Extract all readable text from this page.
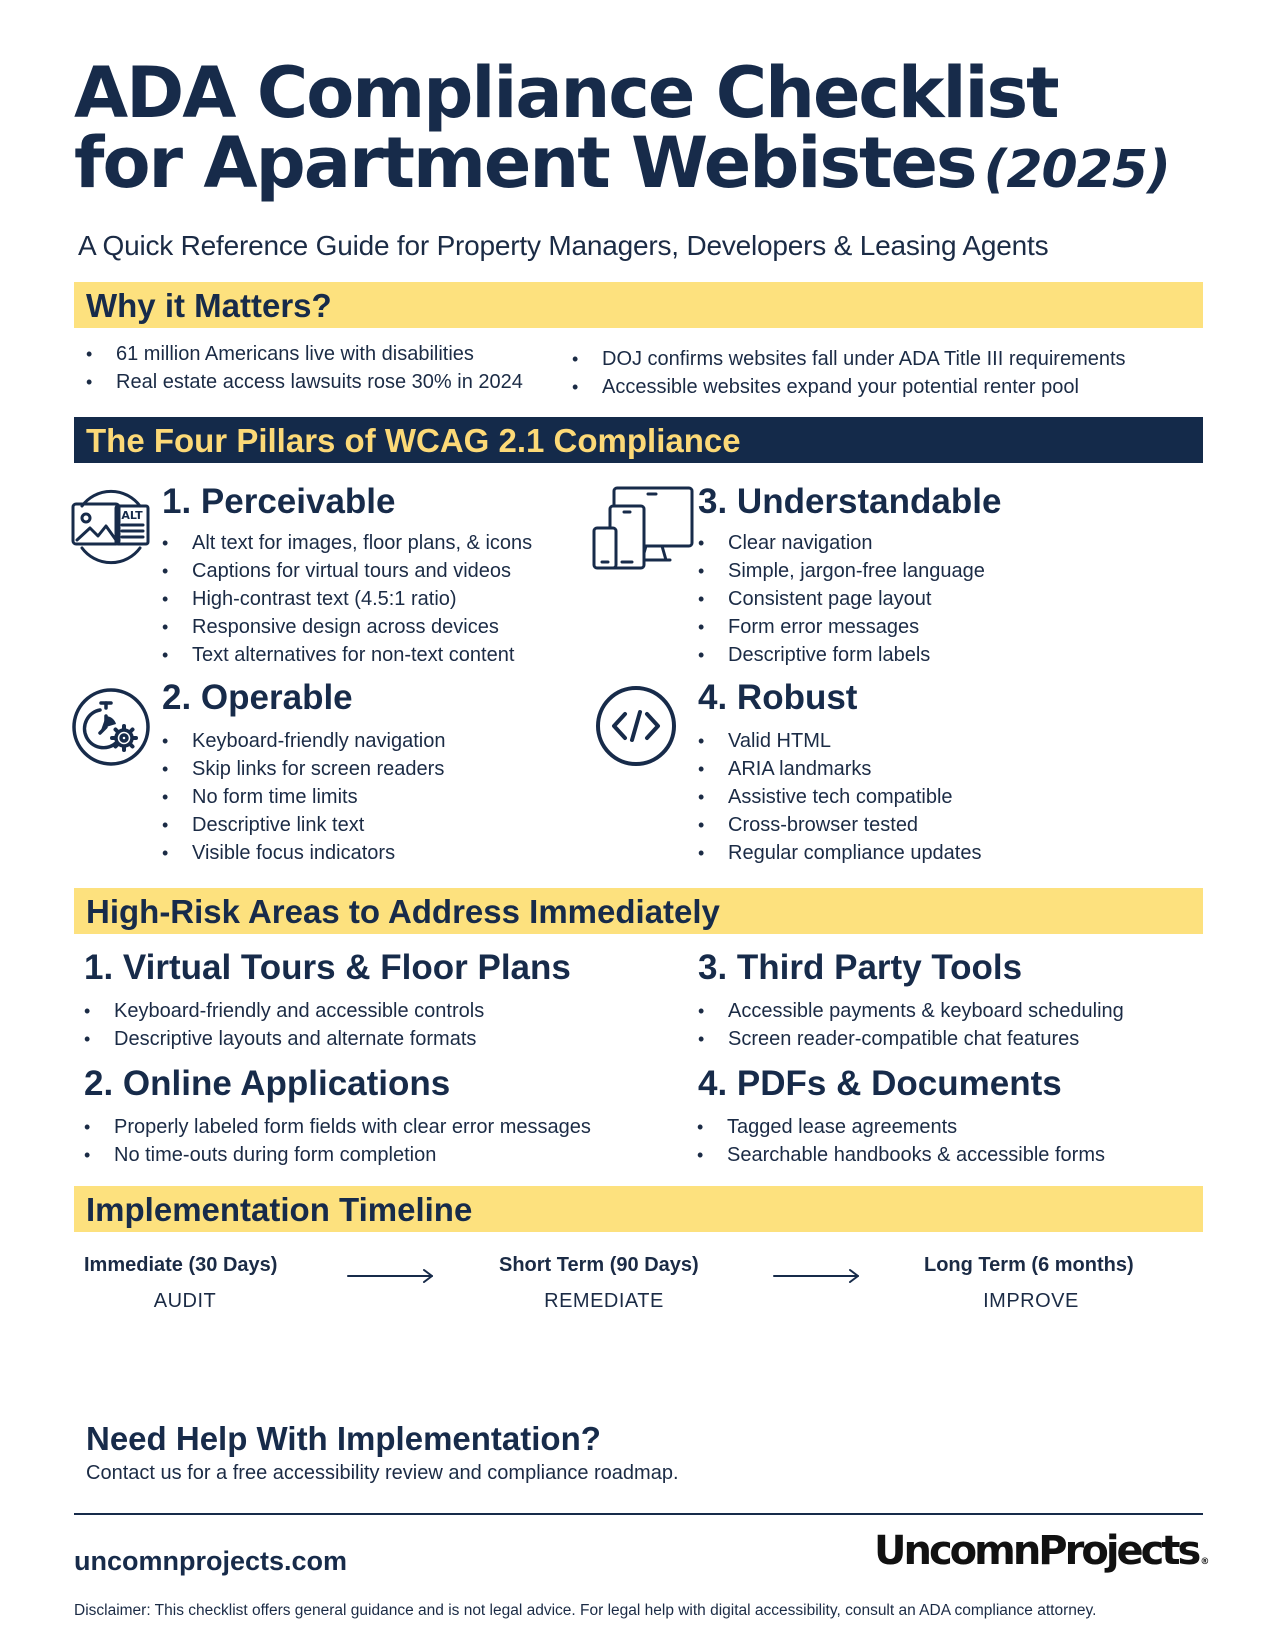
ADA Compliance Checklist
for Apartment Webistes (2025)
A Quick Reference Guide for Property Managers, Developers & Leasing Agents
Why it Matters?
• 61 million Americans live with disabilities
• Real estate access lawsuits rose 30% in 2024
• DOJ confirms websites fall under ADA Title III requirements
• Accessible websites expand your potential renter pool
The Four Pillars of WCAG 2.1 Compliance
ALT 1. Perceivable
• Alt text for images, floor plans, & icons
• Captions for virtual tours and videos
• High-contrast text (4.5:1 ratio)
• Responsive design across devices
• Text alternatives for non-text content
2. Operable
• Keyboard-friendly navigation
• Skip links for screen readers
• No form time limits
• Descriptive link text
• Visible focus indicators
3. Understandable
• Clear navigation
• Simple, jargon-free language
• Consistent page layout
• Form error messages
• Descriptive form labels
4. Robust
• Valid HTML
• ARIA landmarks
• Assistive tech compatible
• Cross-browser tested
• Regular compliance updates
High-Risk Areas to Address Immediately
1. Virtual Tours & Floor Plans
• Keyboard-friendly and accessible controls
• Descriptive layouts and alternate formats
2. Online Applications
• Properly labeled form fields with clear error messages
• No time-outs during form completion
3. Third Party Tools
• Accessible payments & keyboard scheduling
• Screen reader-compatible chat features
4. PDFs & Documents
• Tagged lease agreements
• Searchable handbooks & accessible forms
Implementation Timeline
Immediate (30 Days)
AUDIT
Short Term (90 Days)
REMEDIATE
Long Term (6 months)
IMPROVE
Need Help With Implementation?
Contact us for a free accessibility review and compliance roadmap.
uncomnprojects.com	UncomnProjects ®
Disclaimer: This checklist offers general guidance and is not legal advice. For legal help with digital accessibility, consult an ADA compliance attorney.
